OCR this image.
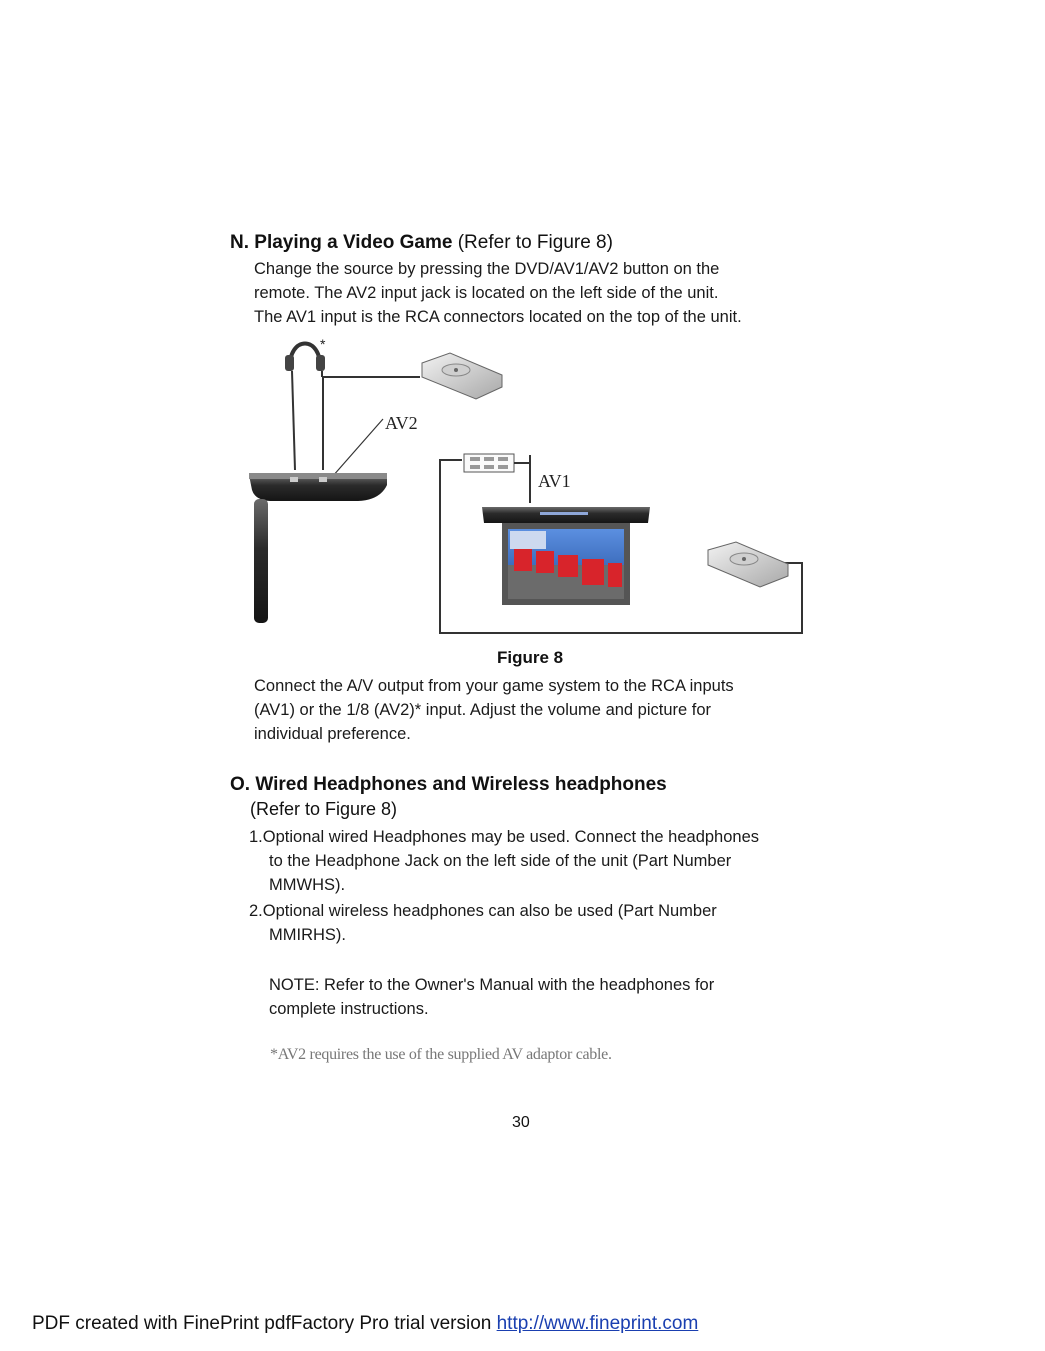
N. Playing a Video Game (Refer to Figure 8)
Change the source by pressing the DVD/AV1/AV2 button on the
remote. The AV2 input jack is located on the left side of the unit.
The AV1 input is the RCA connectors located on the top of the unit.
*
AV2
AV1
Figure 8
Connect the A/V output from your game system to the RCA inputs
(AV1) or the 1/8 (AV2)* input. Adjust the volume and picture for
individual preference.
O. Wired Headphones and Wireless headphones
(Refer to Figure 8)
1.Optional wired Headphones may be used. Connect the headphones
to the Headphone Jack on the left side of the unit (Part Number
MMWHS).
2.Optional wireless headphones can also be used (Part Number
MMIRHS).
NOTE: Refer to the Owner's Manual with the headphones for
complete instructions.
*AV2 requires the use of the supplied AV adaptor cable.
30
PDF created with FinePrint pdfFactory Pro trial version http://www.fineprint.com
